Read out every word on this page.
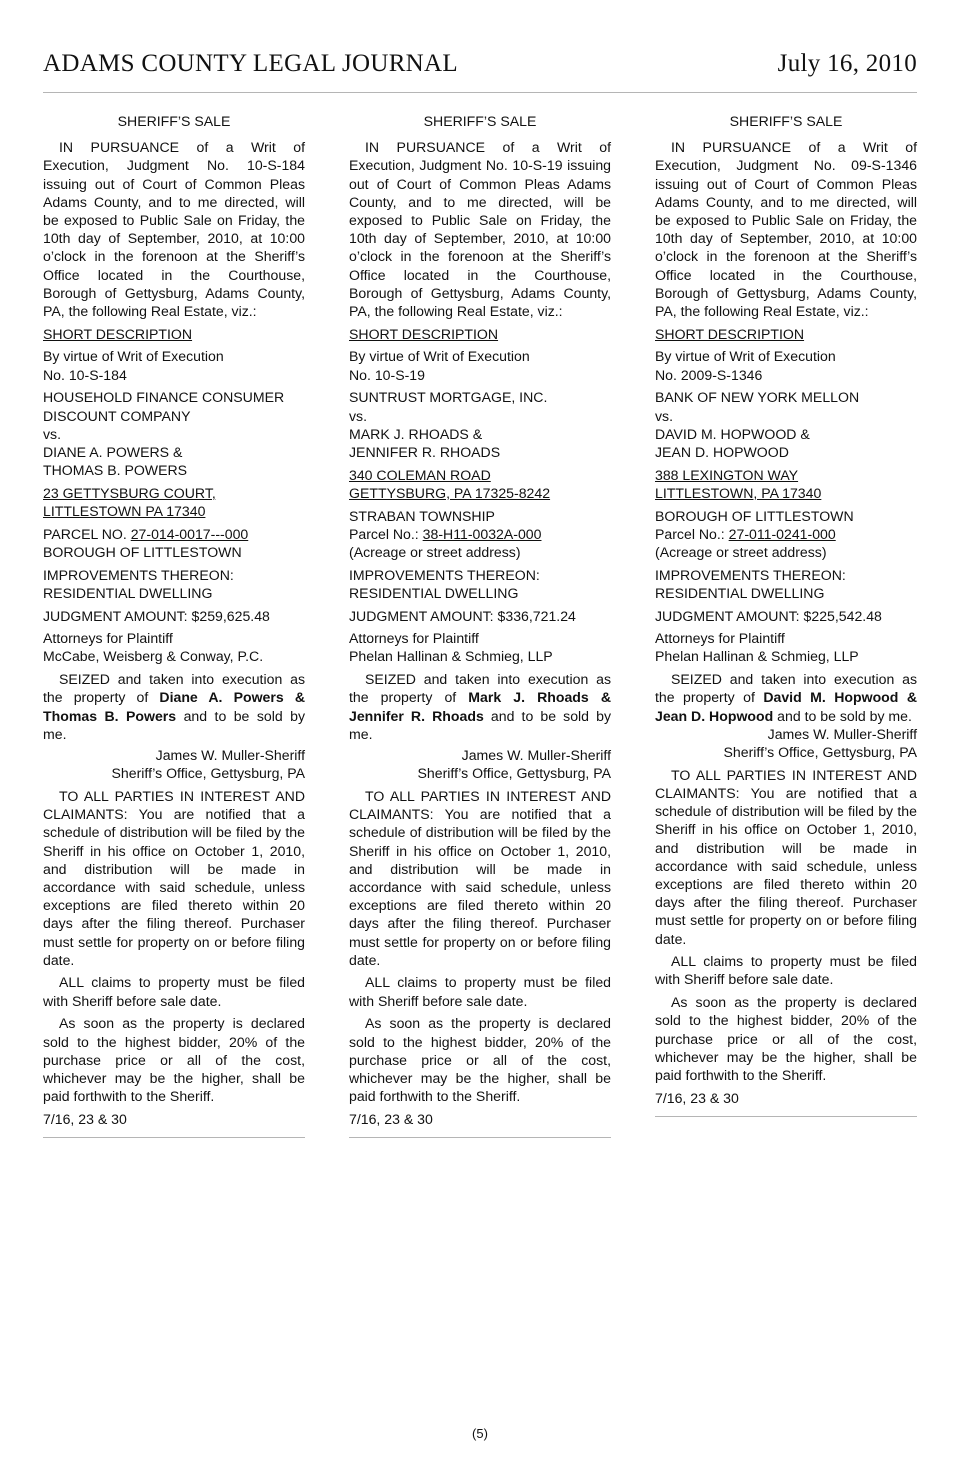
ADAMS COUNTY LEGAL JOURNAL	July 16, 2010

SHERIFF’S SALE

IN PURSUANCE of a Writ of Execution, Judgment No. 10-S-184 issuing out of Court of Common Pleas Adams County, and to me directed, will be exposed to Public Sale on Friday, the 10th day of September, 2010, at 10:00 o’clock in the forenoon at the Sheriff’s Office located in the Courthouse, Borough of Gettysburg, Adams County, PA, the following Real Estate, viz.:

SHORT DESCRIPTION

By virtue of Writ of Execution
No. 10-S-184
HOUSEHOLD FINANCE CONSUMER
DISCOUNT COMPANY
vs.
DIANE A. POWERS &
THOMAS B. POWERS
23 GETTYSBURG COURT,
LITTLESTOWN PA 17340
PARCEL NO. 27-014-0017---000
BOROUGH OF LITTLESTOWN
IMPROVEMENTS THEREON:
RESIDENTIAL DWELLING

JUDGMENT AMOUNT: $259,625.48

Attorneys for Plaintiff
McCabe, Weisberg & Conway, P.C.

SEIZED and taken into execution as the property of Diane A. Powers & Thomas B. Powers and to be sold by me.

James W. Muller-Sheriff
Sheriff’s Office, Gettysburg, PA

TO ALL PARTIES IN INTEREST AND CLAIMANTS: You are notified that a schedule of distribution will be filed by the Sheriff in his office on October 1, 2010, and distribution will be made in accordance with said schedule, unless exceptions are filed thereto within 20 days after the filing thereof. Purchaser must settle for property on or before filing date.

ALL claims to property must be filed with Sheriff before sale date.

As soon as the property is declared sold to the highest bidder, 20% of the purchase price or all of the cost, whichever may be the higher, shall be paid forthwith to the Sheriff.

7/16, 23 & 30

SHERIFF’S SALE

IN PURSUANCE of a Writ of Execution, Judgment No. 10-S-19 issuing out of Court of Common Pleas Adams County, and to me directed, will be exposed to Public Sale on Friday, the 10th day of September, 2010, at 10:00 o’clock in the forenoon at the Sheriff’s Office located in the Courthouse, Borough of Gettysburg, Adams County, PA, the following Real Estate, viz.:

SHORT DESCRIPTION

By virtue of Writ of Execution
No. 10-S-19
SUNTRUST MORTGAGE, INC.
vs.
MARK J. RHOADS &
JENNIFER R. RHOADS
340 COLEMAN ROAD
GETTYSBURG, PA 17325-8242
STRABAN TOWNSHIP
Parcel No.: 38-H11-0032A-000
(Acreage or street address)
IMPROVEMENTS THEREON:
RESIDENTIAL DWELLING

JUDGMENT AMOUNT: $336,721.24

Attorneys for Plaintiff
Phelan Hallinan & Schmieg, LLP

SEIZED and taken into execution as the property of Mark J. Rhoads & Jennifer R. Rhoads and to be sold by me.

James W. Muller-Sheriff
Sheriff’s Office, Gettysburg, PA

TO ALL PARTIES IN INTEREST AND CLAIMANTS: You are notified that a schedule of distribution will be filed by the Sheriff in his office on October 1, 2010, and distribution will be made in accordance with said schedule, unless exceptions are filed thereto within 20 days after the filing thereof. Purchaser must settle for property on or before filing date.

ALL claims to property must be filed with Sheriff before sale date.

As soon as the property is declared sold to the highest bidder, 20% of the purchase price or all of the cost, whichever may be the higher, shall be paid forthwith to the Sheriff.

7/16, 23 & 30

SHERIFF’S SALE

IN PURSUANCE of a Writ of Execution, Judgment No. 09-S-1346 issuing out of Court of Common Pleas Adams County, and to me directed, will be exposed to Public Sale on Friday, the 10th day of September, 2010, at 10:00 o’clock in the forenoon at the Sheriff’s Office located in the Courthouse, Borough of Gettysburg, Adams County, PA, the following Real Estate, viz.:

SHORT DESCRIPTION

By virtue of Writ of Execution
No. 2009-S-1346
BANK OF NEW YORK MELLON
vs.
DAVID M. HOPWOOD &
JEAN D. HOPWOOD
388 LEXINGTON WAY
LITTLESTOWN, PA 17340
BOROUGH OF LITTLESTOWN
Parcel No.: 27-011-0241-000
(Acreage or street address)
IMPROVEMENTS THEREON:
RESIDENTIAL DWELLING

JUDGMENT AMOUNT: $225,542.48

Attorneys for Plaintiff
Phelan Hallinan & Schmieg, LLP

SEIZED and taken into execution as the property of David M. Hopwood & Jean D. Hopwood and to be sold by me.

James W. Muller-Sheriff
Sheriff’s Office, Gettysburg, PA

TO ALL PARTIES IN INTEREST AND CLAIMANTS: You are notified that a schedule of distribution will be filed by the Sheriff in his office on October 1, 2010, and distribution will be made in accordance with said schedule, unless exceptions are filed thereto within 20 days after the filing thereof. Purchaser must settle for property on or before filing date.

ALL claims to property must be filed with Sheriff before sale date.

As soon as the property is declared sold to the highest bidder, 20% of the purchase price or all of the cost, whichever may be the higher, shall be paid forthwith to the Sheriff.

7/16, 23 & 30

(5)
